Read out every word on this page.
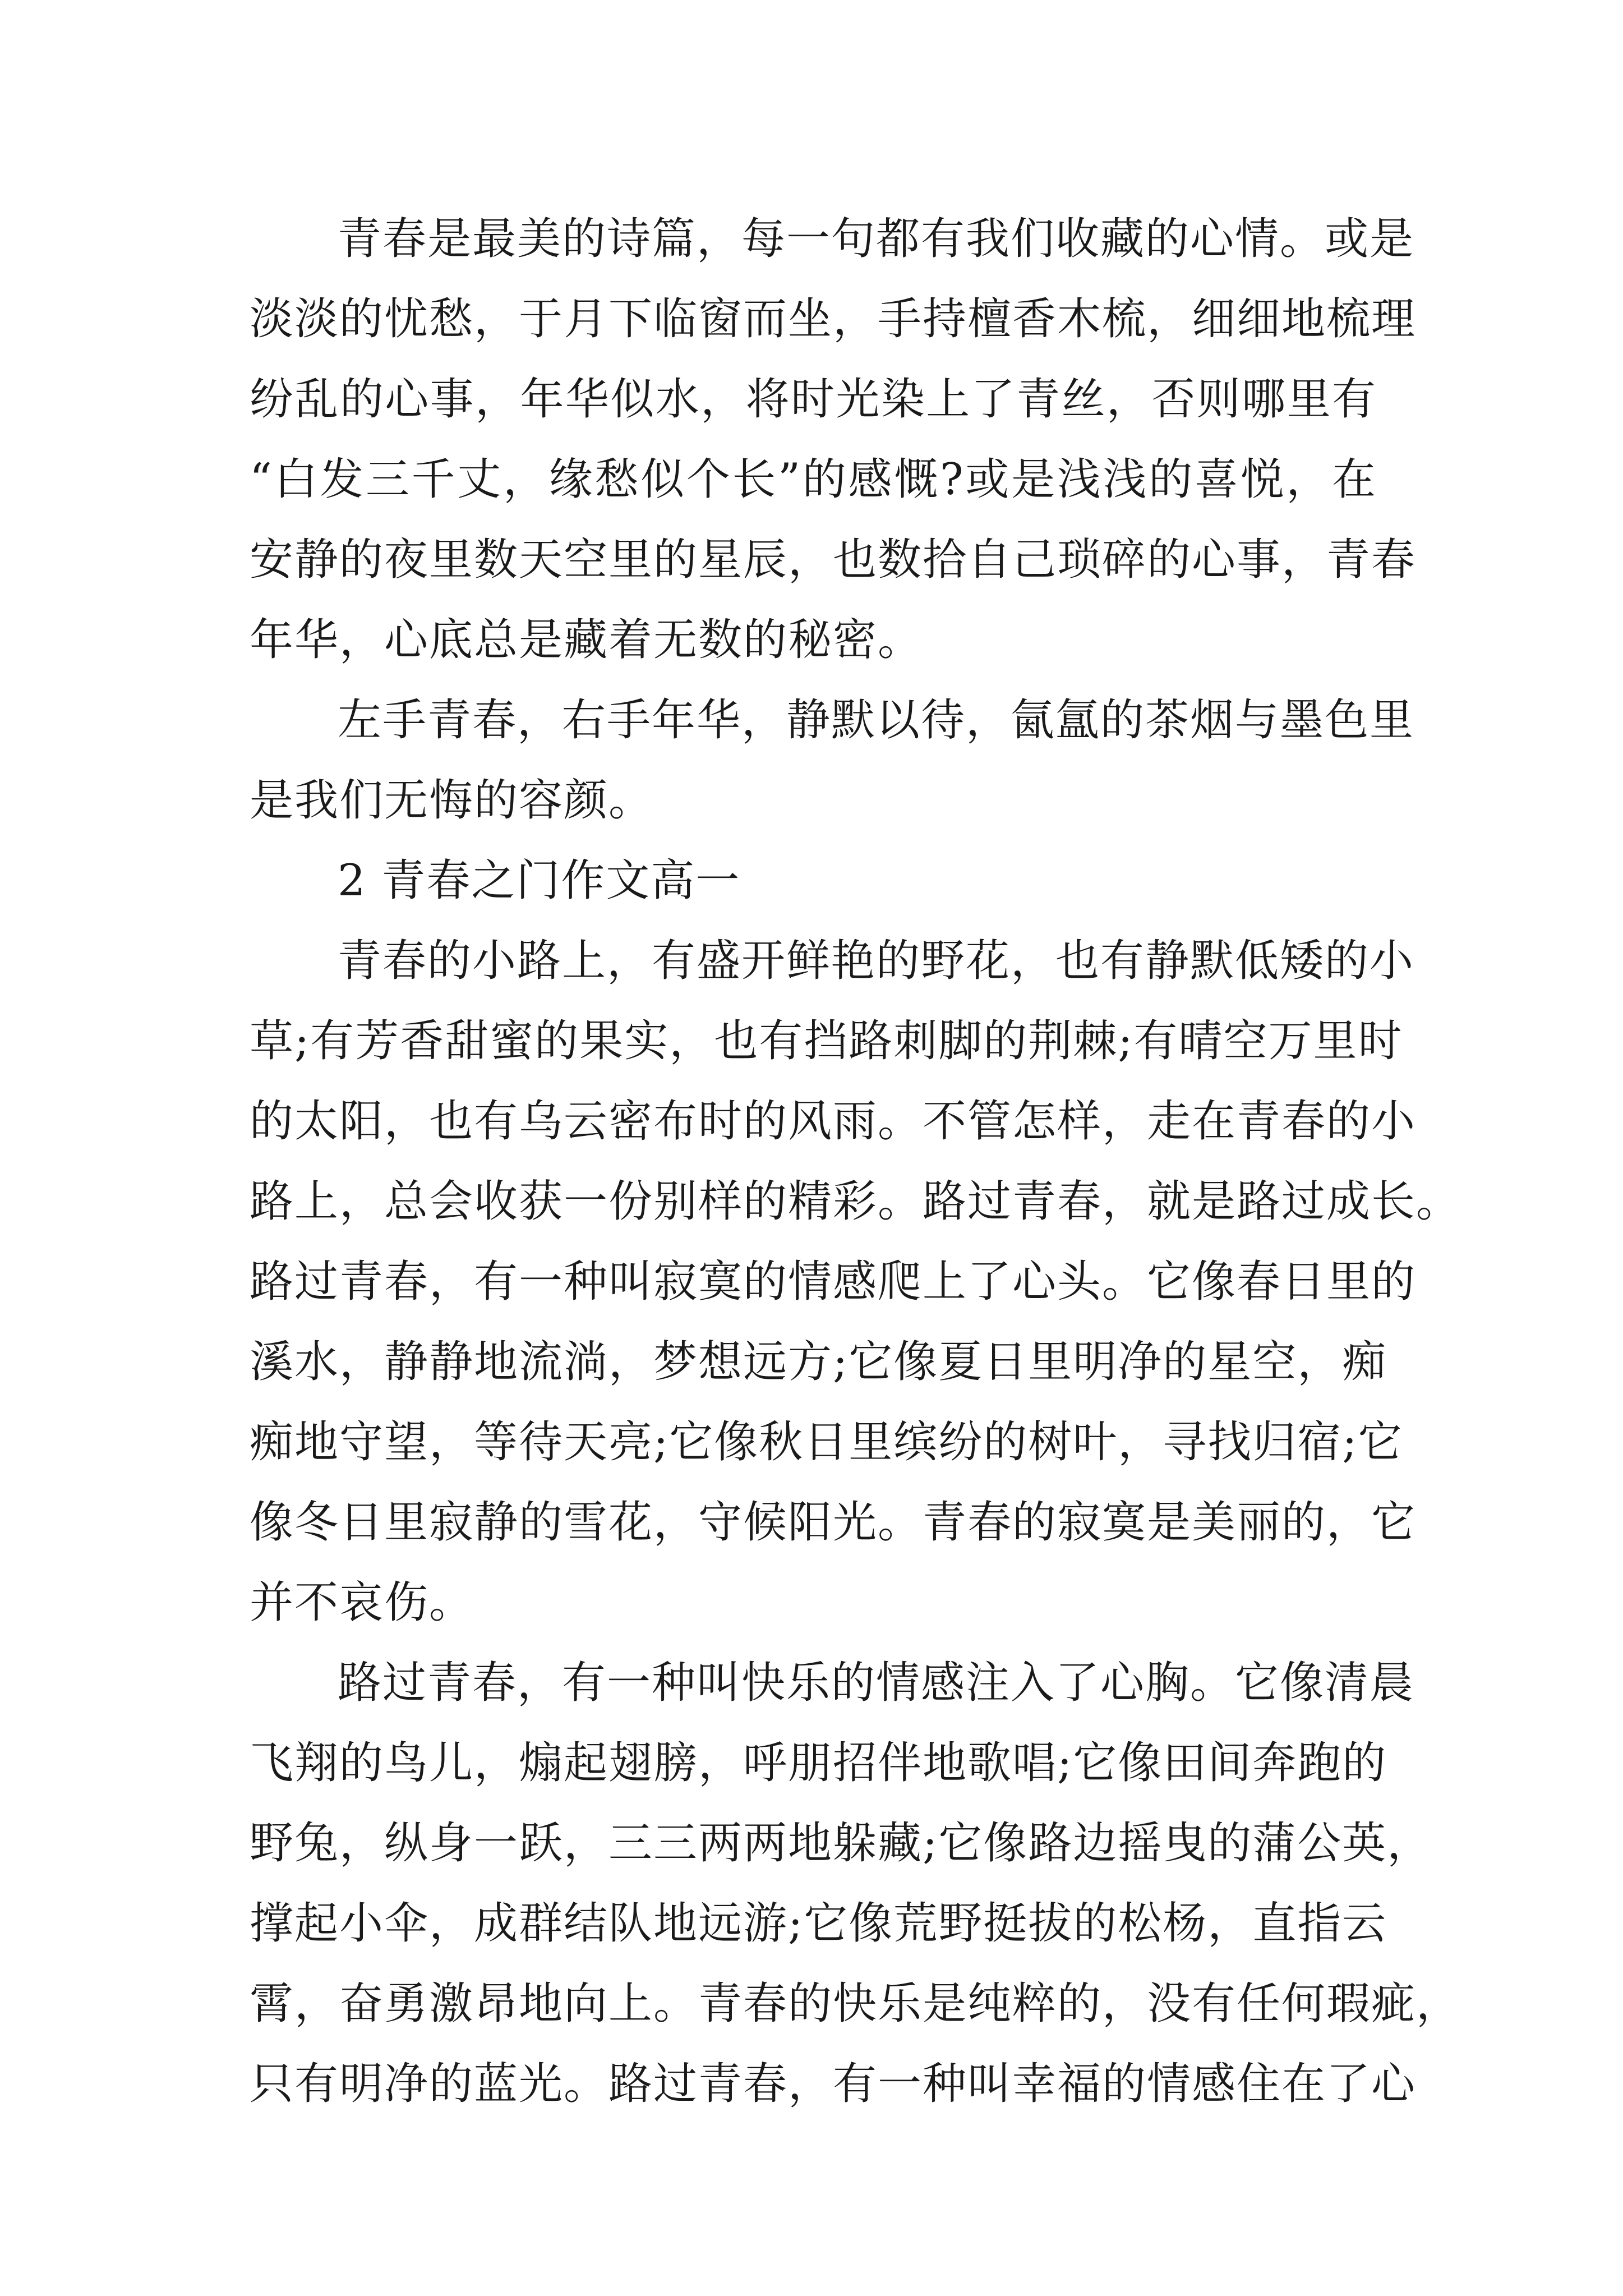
青春是最美的诗篇，每一句都有我们收藏的心情。或是
淡淡的忧愁，于月下临窗而坐，手持檀香木梳，细细地梳理
纷乱的心事，年华似水，将时光染上了青丝，否则哪里有
“白发三千丈，缘愁似个长”的感慨?或是浅浅的喜悦，在
安静的夜里数天空里的星辰，也数拾自己琐碎的心事，青春
年华，心底总是藏着无数的秘密。
左手青春，右手年华，静默以待，氤氲的茶烟与墨色里
是我们无悔的容颜。
2 青春之门作文高一
青春的小路上，有盛开鲜艳的野花，也有静默低矮的小
草;有芳香甜蜜的果实，也有挡路刺脚的荆棘;有晴空万里时
的太阳，也有乌云密布时的风雨。不管怎样，走在青春的小
路上，总会收获一份别样的精彩。路过青春，就是路过成长。
路过青春，有一种叫寂寞的情感爬上了心头。它像春日里的
溪水，静静地流淌，梦想远方;它像夏日里明净的星空，痴
痴地守望，等待天亮;它像秋日里缤纷的树叶，寻找归宿;它
像冬日里寂静的雪花，守候阳光。青春的寂寞是美丽的，它
并不哀伤。
路过青春，有一种叫快乐的情感注入了心胸。它像清晨
飞翔的鸟儿，煽起翅膀，呼朋招伴地歌唱;它像田间奔跑的
野兔，纵身一跃，三三两两地躲藏;它像路边摇曳的蒲公英，
撑起小伞，成群结队地远游;它像荒野挺拔的松杨，直指云
霄，奋勇激昂地向上。青春的快乐是纯粹的，没有任何瑕疵，
只有明净的蓝光。路过青春，有一种叫幸福的情感住在了心
